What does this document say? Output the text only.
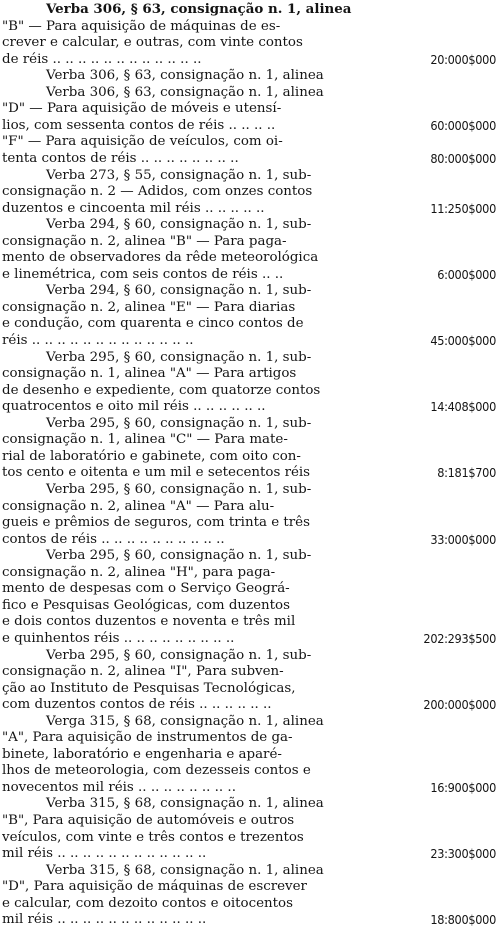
Verba 306, § 63, consignação n. 1, alinea
"B" — Para aquisição de máquinas de es-
crever e calcular, e outras, com vinte contos
de réis .. .. .. .. .. .. .. .. .. .. .. ..	20:000$000
Verba 306, § 63, consignação n. 1, alinea
Verba 306, § 63, consignação n. 1, alinea
"D" — Para aquisição de móveis e utensí-
lios, com sessenta contos de réis .. .. .. ..	60:000$000
"F" — Para aquisição de veículos, com oi-
tenta contos de réis .. .. .. .. .. .. .. ..	80:000$000
Verba 273, § 55, consignação n. 1, sub-
consignação n. 2 — Adidos, com onzes contos
duzentos e cincoenta mil réis .. .. .. .. ..	11:250$000
Verba 294, § 60, consignação n. 1, sub-
consignação n. 2, alinea "B" — Para paga-
mento de observadores da rêde meteorológica
e linemétrica, com seis contos de réis .. ..	6:000$000
Verba 294, § 60, consignação n. 1, sub-
consignação n. 2, alinea "E" — Para diarias
e condução, com quarenta e cinco contos de
réis .. .. .. .. .. .. .. .. .. .. .. .. ..	45:000$000
Verba 295, § 60, consignação n. 1, sub-
consignação n. 1, alinea "A" — Para artigos
de desenho e expediente, com quatorze contos
quatrocentos e oito mil réis .. .. .. .. .. ..	14:408$000
Verba 295, § 60, consignação n. 1, sub-
consignação n. 1, alinea "C" — Para mate-
rial de laboratório e gabinete, com oito con-
tos cento e oitenta e um mil e setecentos réis	8:181$700
Verba 295, § 60, consignação n. 1, sub-
consignação n. 2, alinea "A" — Para alu-
gueis e prêmios de seguros, com trinta e três
contos de réis .. .. .. .. .. .. .. .. .. ..	33:000$000
Verba 295, § 60, consignação n. 1, sub-
consignação n. 2, alinea "H", para paga-
mento de despesas com o Serviço Geográ-
fico e Pesquisas Geológicas, com duzentos
e dois contos duzentos e noventa e três mil
e quinhentos réis .. .. .. .. .. .. .. .. ..	202:293$500
Verba 295, § 60, consignação n. 1, sub-
consignação n. 2, alinea "I", Para subven-
ção ao Instituto de Pesquisas Tecnológicas,
com duzentos contos de réis .. .. .. .. .. ..	200:000$000
Verga 315, § 68, consignação n. 1, alinea
"A", Para aquisição de instrumentos de ga-
binete, laboratório e engenharia e aparé-
lhos de meteorologia, com dezesseis contos e
novecentos mil réis .. .. .. .. .. .. .. ..	16:900$000
Verba 315, § 68, consignação n. 1, alinea
"B", Para aquisição de automóveis e outros
veículos, com vinte e três contos e trezentos
mil réis .. .. .. .. .. .. .. .. .. .. .. ..	23:300$000
Verba 315, § 68, consignação n. 1, alinea
"D", Para aquisição de máquinas de escrever
e calcular, com dezoito contos e oitocentos
mil réis .. .. .. .. .. .. .. .. .. .. .. ..	18:800$000
